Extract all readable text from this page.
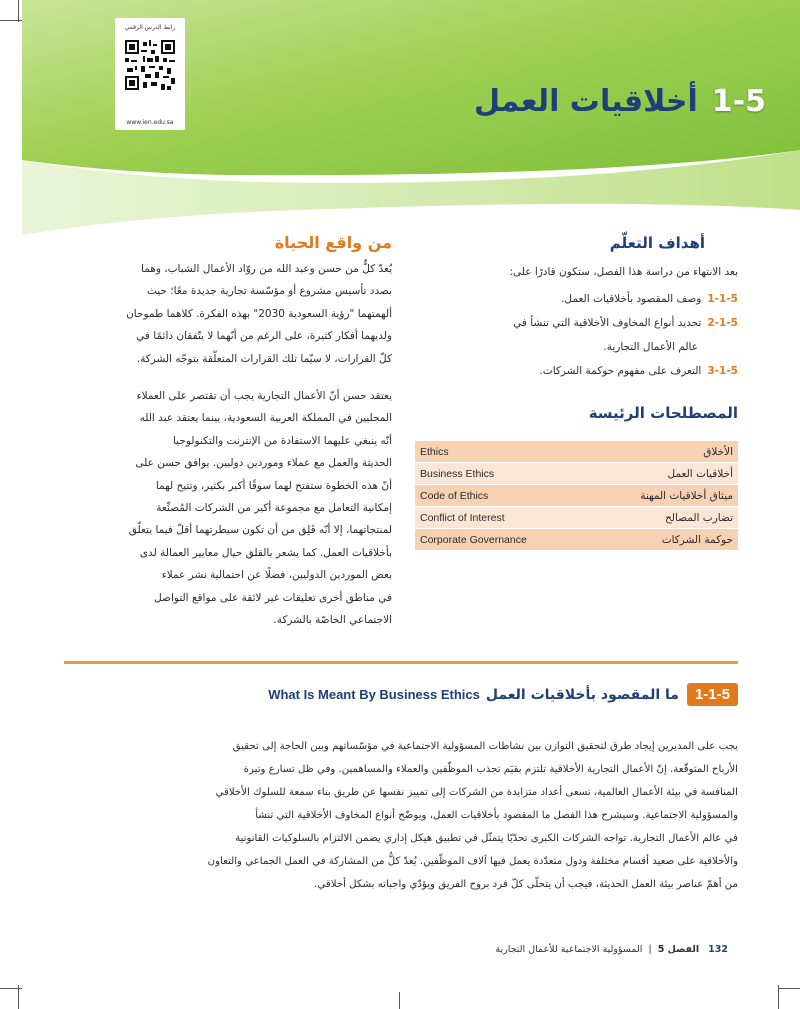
رابط الدرس الرقمي
www.ien.edu.sa
1-5أخلاقيات العمل
أهداف التعلّم
بعد الانتهاء من دراسة هذا الفصل، ستكون قادرًا على:
1-1-5وصف المقصود بأخلاقيات العمل.
2-1-5تحديد أنواع المخاوف الأخلاقية التي تنشأ في
عالم الأعمال التجارية.
3-1-5التعرف على مفهوم حوكمة الشركات.
المصطلحات الرئيسة
Ethics	الأخلاق
Business Ethics	أخلاقيات العمل
Code of Ethics	ميثاق أخلاقيات المهنة
Conflict of Interest	تضارب المصالح
Corporate Governance	حوكمة الشركات
من واقع الحياة
يُعدّ كلٌّ من حسن وعبد الله من روّاد الأعمال الشباب، وهما
بصدد تأسيس مشروع أو مؤسّسة تجارية جديدة معًا؛ حيث
ألهمتهما "رؤية السعودية 2030" بهذه الفكرة. كلاهما طموحان
ولديهما أفكار كثيرة، على الرغم من أنّهما لا يتّفقان دائمًا في
كلّ القرارات، لا سيّما تلك القرارات المتعلّقة بتوجّه الشركة.
يعتقد حسن أنّ الأعمال التجارية يجب أن تقتصر على العملاء
المحليين في المملكة العربية السعودية، بينما يعتقد عبد الله
أنّه ينبغي عليهما الاستفادة من الإنترنت والتكنولوجيا
الحديثة والعمل مع عملاء وموردين دوليين. يوافق حسن على
أنّ هذه الخطوة ستفتح لهما سوقًا أكبر بكثير، وتتيح لهما
إمكانية التعامل مع مجموعة أكبر من الشركات المُصنِّعة
لمنتجاتهما، إلا أنّه قَلِق من أن تكون سيطرتهما أقلّ فيما يتعلّق
بأخلاقيات العمل. كما يشعر بالقلق حيال معايير العمالة لدى
بعض الموردين الدوليين، فضلًا عن احتمالية نشر عملاء
في مناطق أخرى تعليقات غير لائقة على مواقع التواصل
الاجتماعي الخاصّة بالشركة.
1-1-5
ما المقصود بأخلاقيات العمل
What Is Meant By Business Ethics
يجب على المديرين إيجاد طرق لتحقيق التوازن بين نشاطات المسؤولية الاجتماعية في مؤسّساتهم وبين الحاجة إلى تحقيق
الأرباح المتوقّعة. إنّ الأعمال التجارية الأخلاقية تلتزم بقيَم تجذب الموظّفين والعملاء والمساهمين. وفي ظل تسارع وتيرة
المنافسة في بيئة الأعمال العالمية، تسعى أعداد متزايدة من الشركات إلى تمييز نفسها عن طريق بناء سمعة للسلوك الأخلاقي
والمسؤولية الاجتماعية. وسيشرح هذا الفصل ما المقصود بأخلاقيات العمل، ويوضّح أنواع المخاوف الأخلاقية التي تنشأ
في عالم الأعمال التجارية. تواجه الشركات الكبرى تحدّيًا يتمثّل في تطبيق هيكل إداري يضمن الالتزام بالسلوكيات القانونية
والأخلاقية على صعيد أقسام مختلفة ودول متعدّدة يعمل فيها آلاف الموظّفين. يُعدّ كلٌّ من المشاركة في العمل الجماعي والتعاون
من أهمّ عناصر بيئة العمل الحديثة، فيجب أن يتحلّى كلّ فرد بروح الفريق ويؤدّي واجباته بشكل أخلاقي.
132 الفصل 5 | المسؤولية الاجتماعية للأعمال التجارية
